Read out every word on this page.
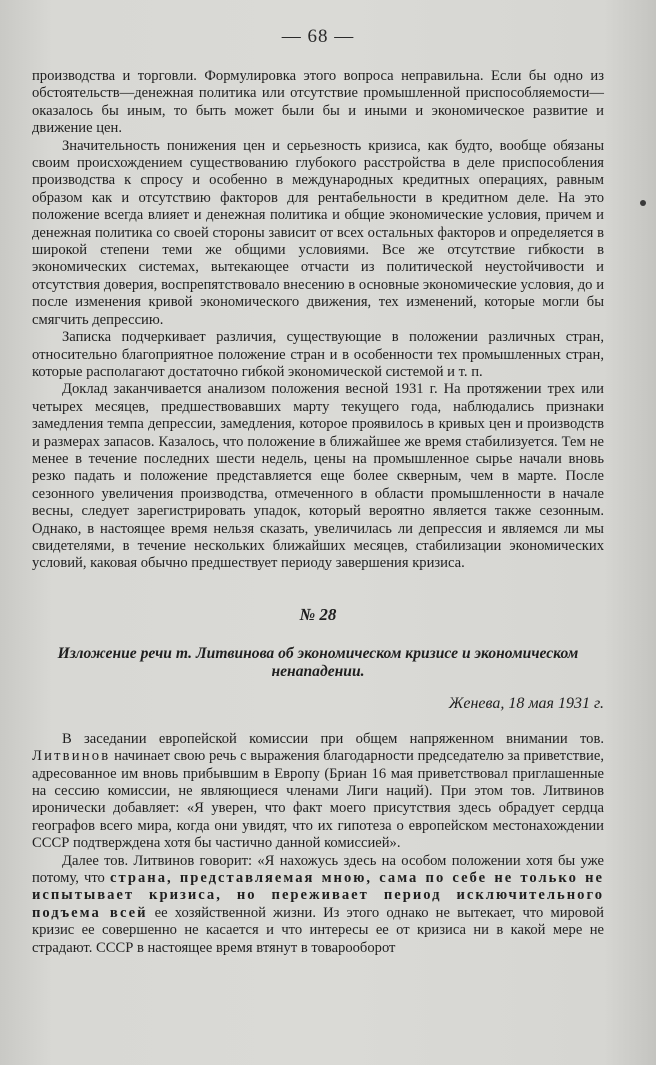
— 68 —

производства и торговли. Формулировка этого вопроса неправильна. Если бы одно из обстоятельств—денежная политика или отсутствие промышленной приспособляемости—оказалось бы иным, то быть может были бы и иными и экономическое развитие и движение цен.

Значительность понижения цен и серьезность кризиса, как будто, вообще обязаны своим происхождением существованию глубокого расстройства в деле приспособления производства к спросу и особенно в международных кредитных операциях, равным образом как и отсутствию факторов для рентабельности в кредитном деле. На это положение всегда влияет и денежная политика и общие экономические условия, причем и денежная политика со своей стороны зависит от всех остальных факторов и определяется в широкой степени теми же общими условиями. Все же отсутствие гибкости в экономических системах, вытекающее отчасти из политической неустойчивости и отсутствия доверия, воспрепятствовало внесению в основные экономические условия, до и после изменения кривой экономического движения, тех изменений, которые могли бы смягчить депрессию.

Записка подчеркивает различия, существующие в положении различных стран, относительно благоприятное положение стран и в особенности тех промышленных стран, которые располагают достаточно гибкой экономической системой и т. п.

Доклад заканчивается анализом положения весной 1931 г. На протяжении трех или четырех месяцев, предшествовавших марту текущего года, наблюдались признаки замедления темпа депрессии, замедления, которое проявилось в кривых цен и производств и размерах запасов. Казалось, что положение в ближайшее же время стабилизуется. Тем не менее в течение последних шести недель, цены на промышленное сырье начали вновь резко падать и положение представляется еще более скверным, чем в марте. После сезонного увеличения производства, отмеченного в области промышленности в начале весны, следует зарегистрировать упадок, который вероятно является также сезонным. Однако, в настоящее время нельзя сказать, увеличилась ли депрессия и являемся ли мы свидетелями, в течение нескольких ближайших месяцев, стабилизации экономических условий, каковая обычно предшествует периоду завершения кризиса.

№ 28
Изложение речи т. Литвинова об экономическом кризисе и экономическом ненападении.
Женева, 18 мая 1931 г.

В заседании европейской комиссии при общем напряженном внимании тов. Литвинов начинает свою речь с выражения благодарности председателю за приветствие, адресованное им вновь прибывшим в Европу (Бриан 16 мая приветствовал приглашенные на сессию комиссии, не являющиеся членами Лиги наций). При этом тов. Литвинов иронически добавляет: «Я уверен, что факт моего присутствия здесь обрадует сердца географов всего мира, когда они увидят, что их гипотеза о европейском местонахождении СССР подтверждена хотя бы частично данной комиссией».

Далее тов. Литвинов говорит: «Я нахожусь здесь на особом положении хотя бы уже потому, что страна, представляемая мною, сама по себе не только не испытывает кризиса, но переживает период исключительного подъема всей ее хозяйственной жизни. Из этого однако не вытекает, что мировой кризис ее совершенно не касается и что интересы ее от кризиса ни в какой мере не страдают. СССР в настоящее время втянут в товарооборот
